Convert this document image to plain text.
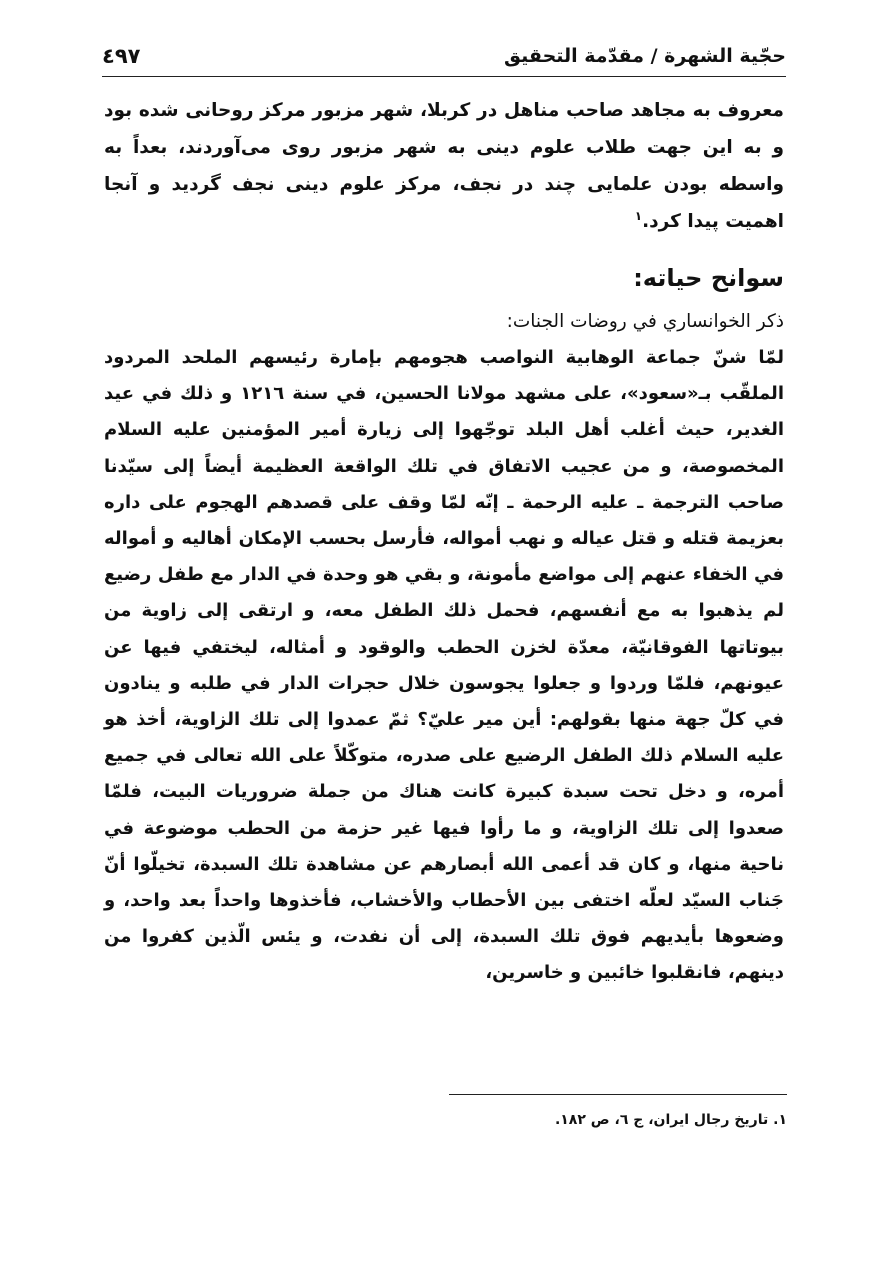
حجّية الشهرة / مقدّمة التحقيق
٤٩٧

معروف به مجاهد صاحب مناهل در كربلا، شهر مزبور مركز روحانى شده بود و به اين جهت طلاب علوم دينى به شهر مزبور روى مى‌آوردند، بعداً به واسطه بودن علمايى چند در نجف، مركز علوم دينى نجف گرديد و آنجا اهميت پيدا كرد.$^١$

سوانح حياته:

ذكر الخوانساري في روضات الجنات:

لمّا شنّ جماعة الوهابية النواصب هجومهم بإمارة رئيسهم الملحد المردود الملقّب بـ«سعود»، على مشهد مولانا الحسين، في سنة ١٢١٦ و ذلك في عيد الغدير، حيث أغلب أهل البلد توجّهوا إلى زيارة أمير المؤمنين عليه السلام المخصوصة، و من عجيب الاتفاق في تلك الواقعة العظيمة أيضاً إلى سيّدنا صاحب الترجمة ـ عليه الرحمة ـ إنّه لمّا وقف على قصدهم الهجوم على داره بعزيمة قتله و قتل عياله و نهب أمواله، فأرسل بحسب الإمكان أهاليه و أمواله في الخفاء عنهم إلى مواضع مأمونة، و بقي هو وحدة في الدار مع طفل رضيع لم يذهبوا به مع أنفسهم، فحمل ذلك الطفل معه، و ارتقى إلى زاوية من بيوتاتها الفوقانيّة، معدّة لخزن الحطب والوقود و أمثاله، ليختفي فيها عن عيونهم، فلمّا وردوا و جعلوا يجوسون خلال حجرات الدار في طلبه و ينادون في كلّ جهة منها بقولهم: أين مير عليّ؟ ثمّ عمدوا إلى تلك الزاوية، أخذ هو عليه السلام ذلك الطفل الرضيع على صدره، متوكّلاً على الله تعالى في جميع أمره، و دخل تحت سبدة كبيرة كانت هناك من جملة ضروريات البيت، فلمّا صعدوا إلى تلك الزاوية، و ما رأوا فيها غير حزمة من الحطب موضوعة في ناحية منها، و كان قد أعمى الله أبصارهم عن مشاهدة تلك السبدة، تخيلّوا أنّ جَناب السيّد لعلّه اختفى بين الأحطاب والأخشاب، فأخذوها واحداً بعد واحد، و وضعوها بأيديهم فوق تلك السبدة، إلى أن نفدت، و يئس الّذين كفروا من دينهم، فانقلبوا خائبين و خاسرين،

١. تاريخ رجال ايران، ج ٦، ص ١٨٢.
